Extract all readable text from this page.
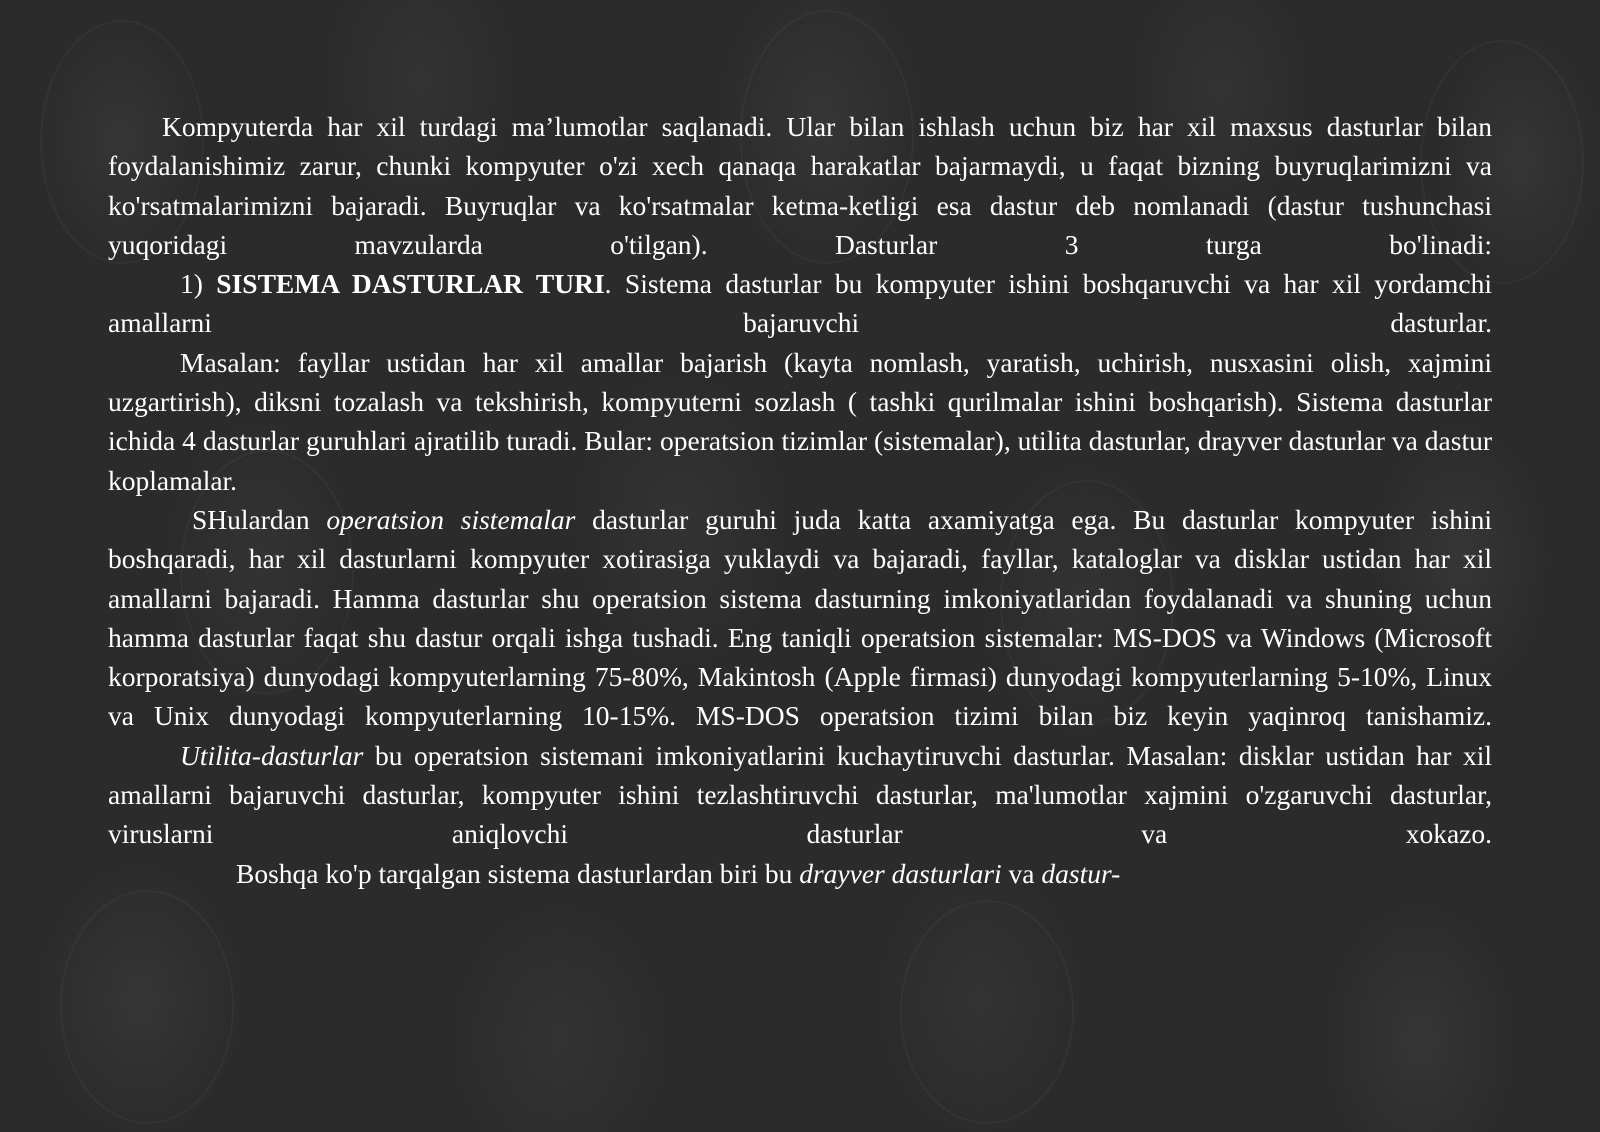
Kompyuterda har xil turdagi ma’lumotlar saqlanadi. Ular bilan ishlash uchun biz har xil maxsus dasturlar bilan foydalanishimiz zarur, chunki kompyuter o'zi xech qanaqa harakatlar bajarmaydi, u faqat bizning buyruqlarimizni va ko'rsatmalarimizni bajaradi. Buyruqlar va ko'rsatmalar ketma-ketligi esa dastur deb nomlanadi (dastur tushunchasi yuqoridagi mavzularda o'tilgan). Dasturlar 3 turga bo'linadi:

1) SISTEMA DASTURLAR TURI. Sistema dasturlar bu kompyuter ishini boshqaruvchi va har xil yordamchi amallarni bajaruvchi dasturlar.

Masalan: fayllar ustidan har xil amallar bajarish (kayta nomlash, yaratish, uchirish, nusxasini olish, xajmini uzgartirish), diksni tozalash va tekshirish, kompyuterni sozlash ( tashki qurilmalar ishini boshqarish). Sistema dasturlar ichida 4 dasturlar guruhlari ajratilib turadi. Bular: operatsion tizimlar (sistemalar), utilita dasturlar, drayver dasturlar va dastur koplamalar.

SHulardan operatsion sistemalar dasturlar guruhi juda katta axamiyatga ega. Bu dasturlar kompyuter ishini boshqaradi, har xil dasturlarni kompyuter xotirasiga yuklaydi va bajaradi, fayllar, kataloglar va disklar ustidan har xil amallarni bajaradi. Hamma dasturlar shu operatsion sistema dasturning imkoniyatlaridan foydalanadi va shuning uchun hamma dasturlar faqat shu dastur orqali ishga tushadi. Eng taniqli operatsion sistemalar: MS-DOS va Windows (Microsoft korporatsiya) dunyodagi kompyuterlarning 75-80%, Makintosh (Apple firmasi) dunyodagi kompyuterlarning 5-10%, Linux va Unix dunyodagi kompyuterlarning 10-15%. MS-DOS operatsion tizimi bilan biz keyin yaqinroq tanishamiz.

Utilita-dasturlar bu operatsion sistemani imkoniyatlarini kuchaytiruvchi dasturlar. Masalan: disklar ustidan har xil amallarni bajaruvchi dasturlar, kompyuter ishini tezlashtiruvchi dasturlar, ma'lumotlar xajmini o'zgaruvchi dasturlar, viruslarni aniqlovchi dasturlar va xokazo.

Boshqa ko'p tarqalgan sistema dasturlardan biri bu drayver dasturlari va dastur-
